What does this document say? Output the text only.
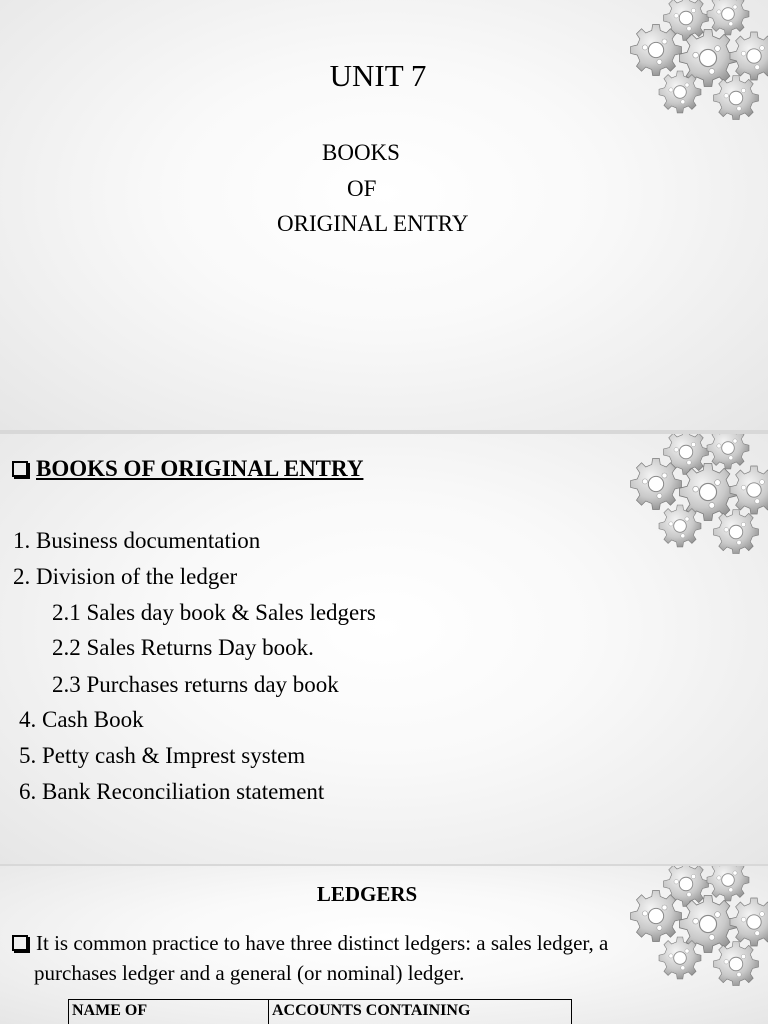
UNIT 7
BOOKS
OF
ORIGINAL ENTRY
BOOKS OF ORIGINAL ENTRY
1. Business documentation
2. Division of the ledger
2.1 Sales day book & Sales ledgers
2.2 Sales Returns Day book.
2.3 Purchases returns day book
4. Cash Book
5. Petty cash & Imprest system
6. Bank Reconciliation statement
LEDGERS
It is common practice to have three distinct ledgers: a sales ledger, a
purchases ledger and a general (or nominal) ledger.
NAME OF	ACCOUNTS CONTAINING
